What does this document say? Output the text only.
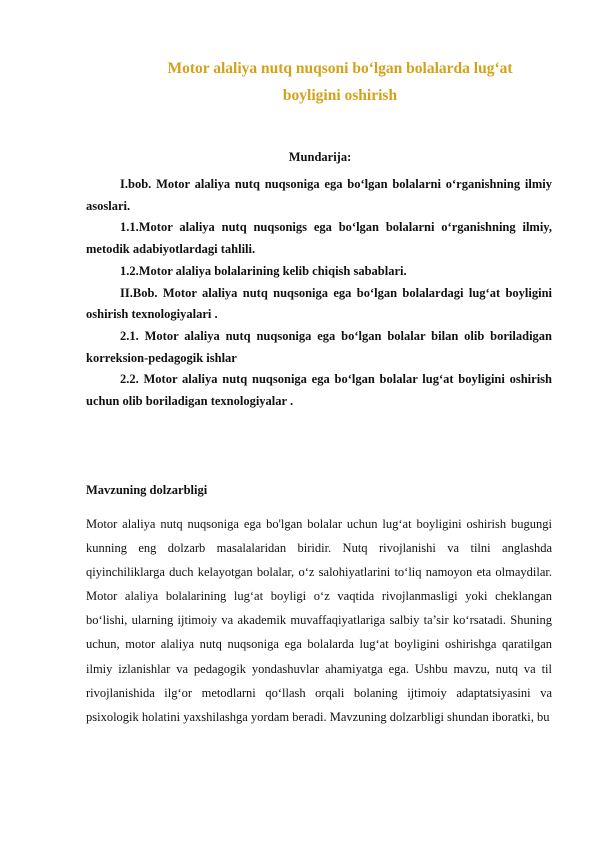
Motor alaliya nutq nuqsoni bo‘lgan bolalarda lug‘at
boyligini oshirish
Mundarija:

I.bob. Motor alaliya nutq nuqsoniga ega bo‘lgan bolalarni o‘rganishning ilmiy asoslari.

1.1.Motor alaliya nutq nuqsonigs ega bo‘lgan bolalarni o‘rganishning ilmiy, metodik adabiyotlardagi tahlili.

1.2.Motor alaliya bolalarining kelib chiqish sabablari.

II.Bob. Motor alaliya nutq nuqsoniga ega bo‘lgan bolalardagi lug‘at boyligini oshirish texnologiyalari .

2.1. Motor alaliya nutq nuqsoniga ega bo‘lgan bolalar bilan olib boriladigan korreksion-pedagogik ishlar

2.2. Motor alaliya nutq nuqsoniga ega bo‘lgan bolalar lug‘at boyligini oshirish uchun olib boriladigan texnologiyalar .

Mavzuning dolzarbligi

Motor alaliya nutq nuqsoniga ega bo'lgan bolalar uchun lug‘at boyligini oshirish bugungi kunning eng dolzarb masalalaridan biridir. Nutq rivojlanishi va tilni anglashda qiyinchiliklarga duch kelayotgan bolalar, o‘z salohiyatlarini to‘liq namoyon eta olmaydilar. Motor alaliya bolalarining lug‘at boyligi o‘z vaqtida rivojlanmasligi yoki cheklangan bo‘lishi, ularning ijtimoiy va akademik muvaffaqiyatlariga salbiy ta’sir ko‘rsatadi. Shuning uchun, motor alaliya nutq nuqsoniga ega bolalarda lug‘at boyligini oshirishga qaratilgan ilmiy izlanishlar va pedagogik yondashuvlar ahamiyatga ega. Ushbu mavzu, nutq va til rivojlanishida ilg‘or metodlarni qo‘llash orqali bolaning ijtimoiy adaptatsiyasini va psixologik holatini yaxshilashga yordam beradi. Mavzuning dolzarbligi shundan iboratki, bu
